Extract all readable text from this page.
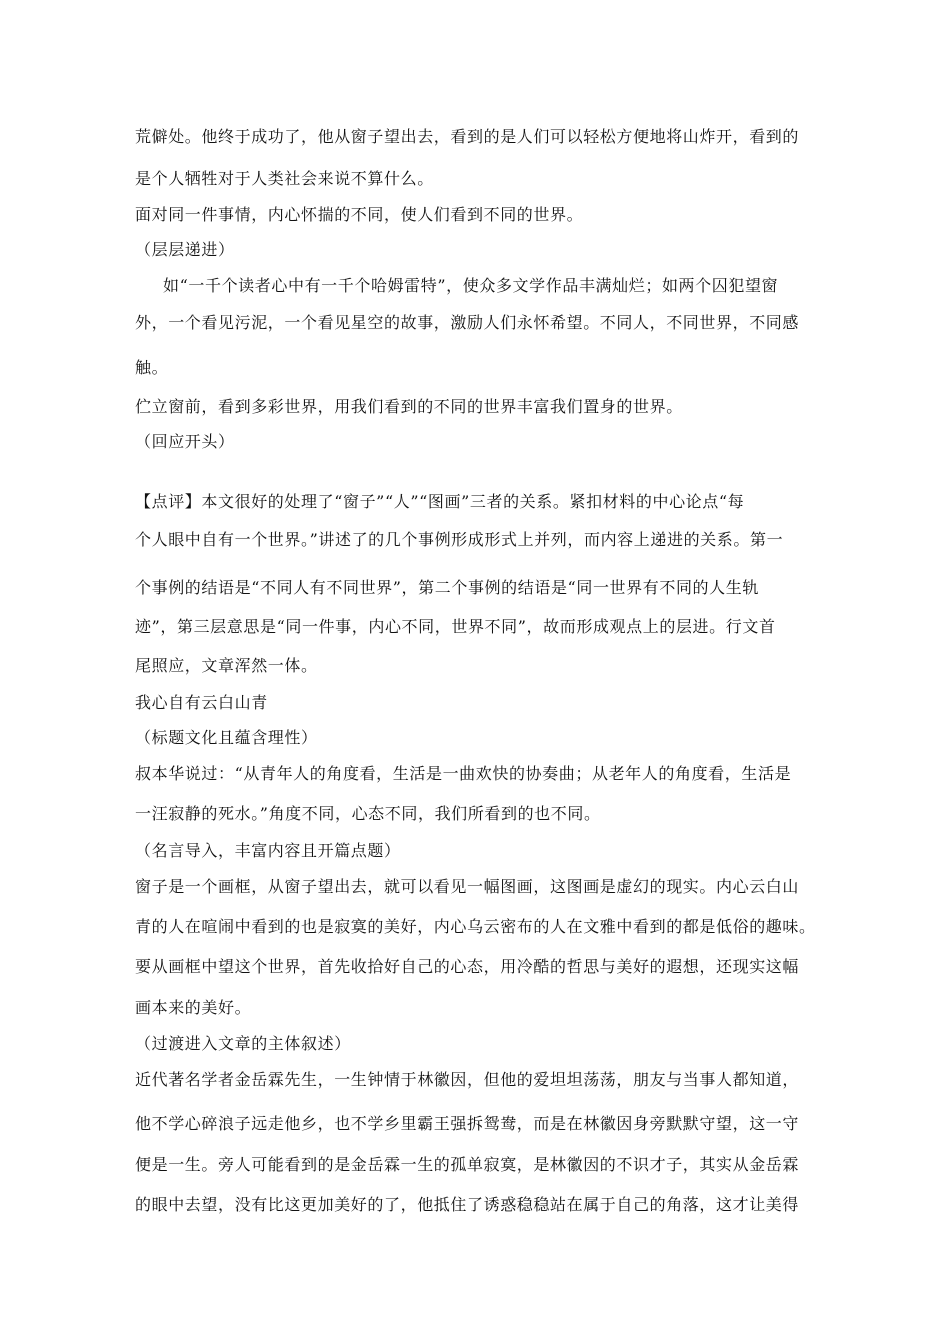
荒僻处。他终于成功了，他从窗子望出去，看到的是人们可以轻松方便地将山炸开，看到的
是个人牺牲对于人类社会来说不算什么。
面对同一件事情，内心怀揣的不同，使人们看到不同的世界。
（层层递进）
如“一千个读者心中有一千个哈姆雷特”，使众多文学作品丰满灿烂；如两个囚犯望窗
外，一个看见污泥，一个看见星空的故事，激励人们永怀希望。不同人，不同世界，不同感
触。
伫立窗前，看到多彩世界，用我们看到的不同的世界丰富我们置身的世界。
（回应开头）
【点评】本文很好的处理了“窗子”“人”“图画”三者的关系。紧扣材料的中心论点“每
个人眼中自有一个世界。”讲述了的几个事例形成形式上并列，而内容上递进的关系。第一
个事例的结语是“不同人有不同世界”，第二个事例的结语是“同一世界有不同的人生轨
迹”，第三层意思是“同一件事，内心不同，世界不同”，故而形成观点上的层进。行文首
尾照应，文章浑然一体。
我心自有云白山青
（标题文化且蕴含理性）
叔本华说过：“从青年人的角度看，生活是一曲欢快的协奏曲；从老年人的角度看，生活是
一汪寂静的死水。”角度不同，心态不同，我们所看到的也不同。
（名言导入，丰富内容且开篇点题）
窗子是一个画框，从窗子望出去，就可以看见一幅图画，这图画是虚幻的现实。内心云白山
青的人在喧闹中看到的也是寂寞的美好，内心乌云密布的人在文雅中看到的都是低俗的趣味。
要从画框中望这个世界，首先收拾好自己的心态，用冷酷的哲思与美好的遐想，还现实这幅
画本来的美好。
（过渡进入文章的主体叙述）
近代著名学者金岳霖先生，一生钟情于林徽因，但他的爱坦坦荡荡，朋友与当事人都知道，
他不学心碎浪子远走他乡，也不学乡里霸王强拆鸳鸯，而是在林徽因身旁默默守望，这一守
便是一生。旁人可能看到的是金岳霖一生的孤单寂寞，是林徽因的不识才子，其实从金岳霖
的眼中去望，没有比这更加美好的了，他抵住了诱惑稳稳站在属于自己的角落，这才让美得
